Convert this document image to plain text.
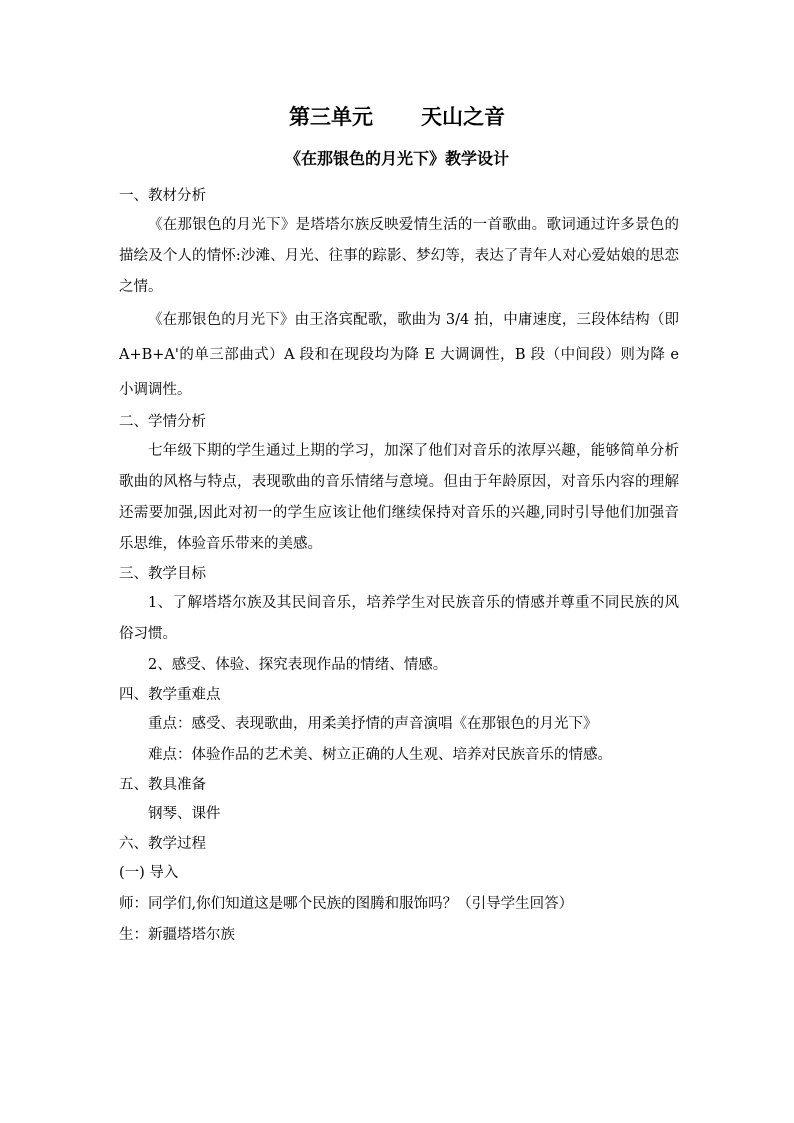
第三单元 天山之音
《在那银色的月光下》教学设计
一、教材分析

《在那银色的月光下》是塔塔尔族反映爱情生活的一首歌曲。歌词通过许多景色的描绘及个人的情怀:沙滩、月光、往事的踪影、梦幻等，表达了青年人对心爱姑娘的思恋之情。

《在那银色的月光下》由王洛宾配歌，歌曲为 3/4 拍，中庸速度，三段体结构（即 A+B+A'的单三部曲式）A 段和在现段均为降 E 大调调性，B 段（中间段）则为降 e 小调调性。

二、学情分析

七年级下期的学生通过上期的学习，加深了他们对音乐的浓厚兴趣，能够简单分析歌曲的风格与特点，表现歌曲的音乐情绪与意境。但由于年龄原因，对音乐内容的理解还需要加强,因此对初一的学生应该让他们继续保持对音乐的兴趣,同时引导他们加强音乐思维，体验音乐带来的美感。

三、教学目标

1、了解塔塔尔族及其民间音乐，培养学生对民族音乐的情感并尊重不同民族的风俗习惯。

2、感受、体验、探究表现作品的情绪、情感。

四、教学重难点
重点：感受、表现歌曲，用柔美抒情的声音演唱《在那银色的月光下》
难点：体验作品的艺术美、树立正确的人生观、培养对民族音乐的情感。
五、教具准备
钢琴、课件
六、教学过程
(一) 导入
师：同学们,你们知道这是哪个民族的图腾和服饰吗？（引导学生回答）
生：新疆塔塔尔族
